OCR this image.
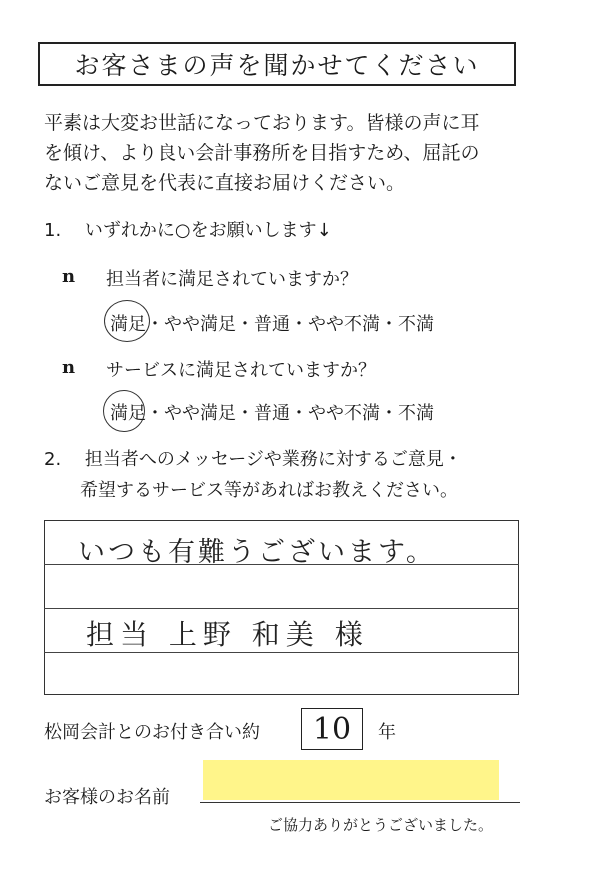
お客さまの声を聞かせてください
平素は大変お世話になっております。皆様の声に耳
を傾け、より良い会計事務所を目指すため、屈託の
ないご意見を代表に直接お届けください。
1. いずれかに○をお願いします↓
n 担当者に満足されていますか？
満足・やや満足・普通・やや不満・不満
n サービスに満足されていますか？
満足・やや満足・普通・やや不満・不満
2. 担当者へのメッセージや業務に対するご意見・
希望するサービス等があればお教えください。
いつも有難うございます。
担当 上野 和美 様
松岡会計とのお付き合い約 10 年
お客様のお名前
ご協力ありがとうございました。
